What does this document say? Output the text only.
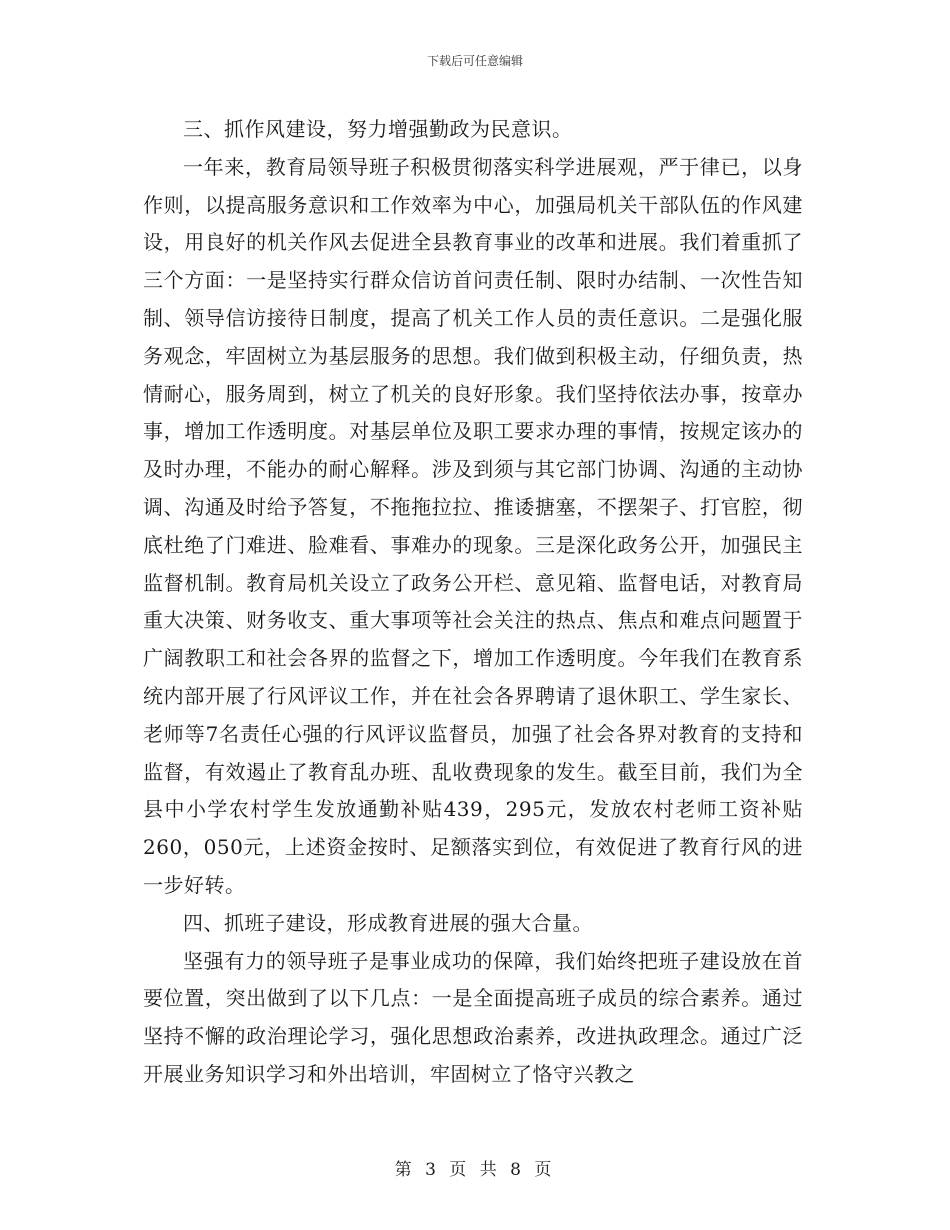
下载后可任意编辑

三、抓作风建设，努力增强勤政为民意识。

一年来，教育局领导班子积极贯彻落实科学进展观，严于律已，以身作则，以提高服务意识和工作效率为中心，加强局机关干部队伍的作风建设，用良好的机关作风去促进全县教育事业的改革和进展。我们着重抓了三个方面：一是坚持实行群众信访首问责任制、限时办结制、一次性告知制、领导信访接待日制度，提高了机关工作人员的责任意识。二是强化服务观念，牢固树立为基层服务的思想。我们做到积极主动，仔细负责，热情耐心，服务周到，树立了机关的良好形象。我们坚持依法办事，按章办事，增加工作透明度。对基层单位及职工要求办理的事情，按规定该办的及时办理，不能办的耐心解释。涉及到须与其它部门协调、沟通的主动协调、沟通及时给予答复，不拖拖拉拉、推诿搪塞，不摆架子、打官腔，彻底杜绝了门难进、脸难看、事难办的现象。三是深化政务公开，加强民主监督机制。教育局机关设立了政务公开栏、意见箱、监督电话，对教育局重大决策、财务收支、重大事项等社会关注的热点、焦点和难点问题置于广阔教职工和社会各界的监督之下，增加工作透明度。今年我们在教育系统内部开展了行风评议工作，并在社会各界聘请了退休职工、学生家长、老师等7名责任心强的行风评议监督员，加强了社会各界对教育的支持和监督，有效遏止了教育乱办班、乱收费现象的发生。截至目前，我们为全县中小学农村学生发放通勤补贴439，295元，发放农村老师工资补贴260，050元，上述资金按时、足额落实到位，有效促进了教育行风的进一步好转。

四、抓班子建设，形成教育进展的强大合量。

坚强有力的领导班子是事业成功的保障，我们始终把班子建设放在首要位置，突出做到了以下几点：一是全面提高班子成员的综合素养。通过坚持不懈的政治理论学习，强化思想政治素养，改进执政理念。通过广泛开展业务知识学习和外出培训，牢固树立了恪守兴教之

第 3 页 共 8 页
